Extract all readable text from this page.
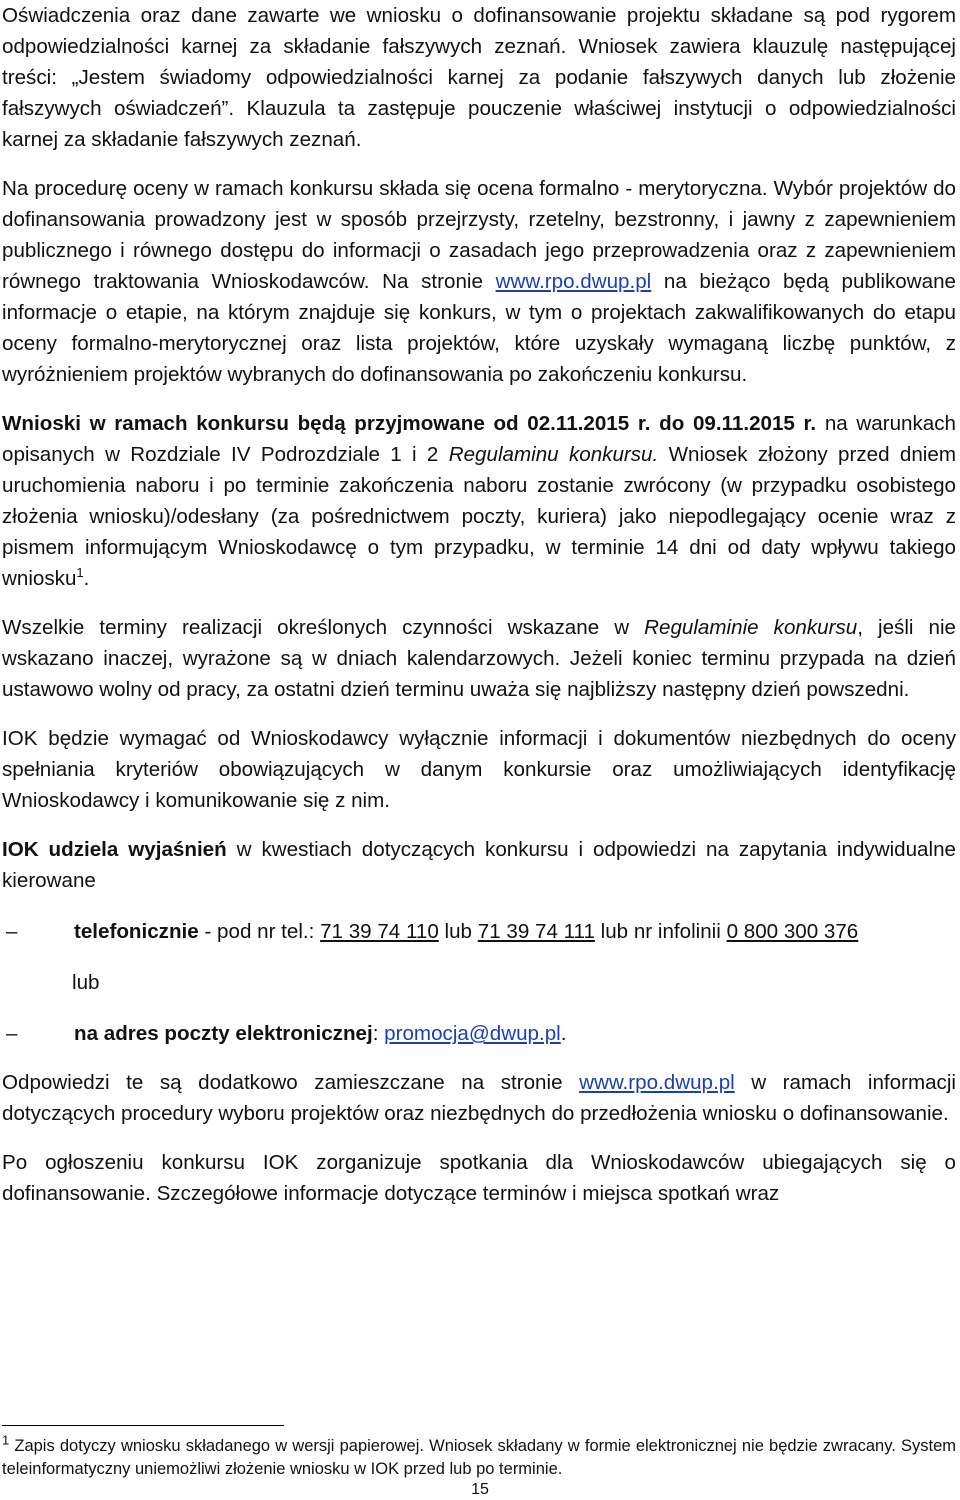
Oświadczenia oraz dane zawarte we wniosku o dofinansowanie projektu składane są pod rygorem odpowiedzialności karnej za składanie fałszywych zeznań. Wniosek zawiera klauzulę następującej treści: „Jestem świadomy odpowiedzialności karnej za podanie fałszywych danych lub złożenie fałszywych oświadczeń”. Klauzula ta zastępuje pouczenie właściwej instytucji o odpowiedzialności karnej za składanie fałszywych zeznań.

Na procedurę oceny w ramach konkursu składa się ocena formalno - merytoryczna. Wybór projektów do dofinansowania prowadzony jest w sposób przejrzysty, rzetelny, bezstronny, i jawny z zapewnieniem publicznego i równego dostępu do informacji o zasadach jego przeprowadzenia oraz z zapewnieniem równego traktowania Wnioskodawców. Na stronie www.rpo.dwup.pl na bieżąco będą publikowane informacje o etapie, na którym znajduje się konkurs, w tym o projektach zakwalifikowanych do etapu oceny formalno-merytorycznej oraz lista projektów, które uzyskały wymaganą liczbę punktów, z wyróżnieniem projektów wybranych do dofinansowania po zakończeniu konkursu.

Wnioski w ramach konkursu będą przyjmowane od 02.11.2015 r. do 09.11.2015 r. na warunkach opisanych w Rozdziale IV Podrozdziale 1 i 2 Regulaminu konkursu. Wniosek złożony przed dniem uruchomienia naboru i po terminie zakończenia naboru zostanie zwrócony (w przypadku osobistego złożenia wniosku)/odesłany (za pośrednictwem poczty, kuriera) jako niepodlegający ocenie wraz z pismem informującym Wnioskodawcę o tym przypadku, w terminie 14 dni od daty wpływu takiego wniosku$^1$.

Wszelkie terminy realizacji określonych czynności wskazane w Regulaminie konkursu, jeśli nie wskazano inaczej, wyrażone są w dniach kalendarzowych. Jeżeli koniec terminu przypada na dzień ustawowo wolny od pracy, za ostatni dzień terminu uważa się najbliższy następny dzień powszedni.

IOK będzie wymagać od Wnioskodawcy wyłącznie informacji i dokumentów niezbędnych do oceny spełniania kryteriów obowiązujących w danym konkursie oraz umożliwiających identyfikację Wnioskodawcy i komunikowanie się z nim.

IOK udziela wyjaśnień w kwestiach dotyczących konkursu i odpowiedzi na zapytania indywidualne kierowane

–	telefonicznie - pod nr tel.: 71 39 74 110 lub 71 39 74 111 lub nr infolinii 0 800 300 376
lub
–	na adres poczty elektronicznej: promocja@dwup.pl.

Odpowiedzi te są dodatkowo zamieszczane na stronie www.rpo.dwup.pl w ramach informacji dotyczących procedury wyboru projektów oraz niezbędnych do przedłożenia wniosku o dofinansowanie.

Po ogłoszeniu konkursu IOK zorganizuje spotkania dla Wnioskodawców ubiegających się o dofinansowanie. Szczegółowe informacje dotyczące terminów i miejsca spotkań wraz

$^1$ Zapis dotyczy wniosku składanego w wersji papierowej. Wniosek składany w formie elektronicznej nie będzie zwracany. System teleinformatyczny uniemożliwi złożenie wniosku w IOK przed lub po terminie.
15
